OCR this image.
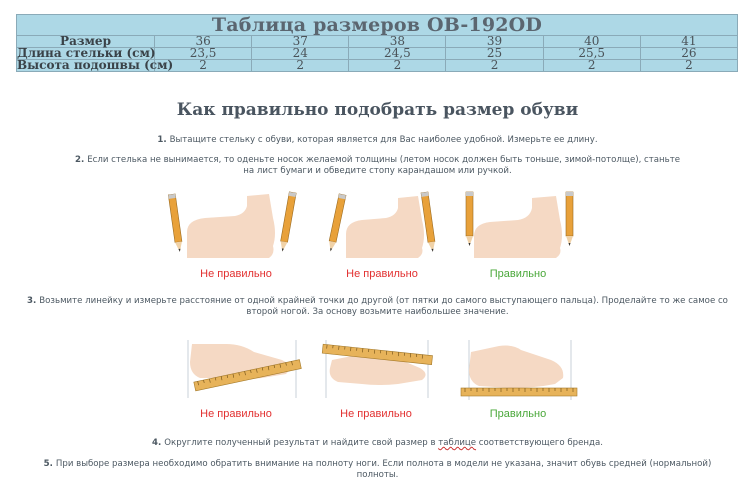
Таблица размеров OB-192OD						
Размер	36	37	38	39	40	41
Длина стельки (см)	23,5	24	24,5	25	25,5	26
Высота подошвы (см)	2	2	2	2	2	2
Как правильно подобрать размер обуви
1. Вытащите стельку с обуви, которая является для Вас наиболее удобной. Измерьте ее длину.
2. Если стелька не вынимается, то оденьте носок желаемой толщины (летом носок должен быть тоньше, зимой-потолще), станьте на лист бумаги и обведите стопу карандашом или ручкой.
Не правильно	Не правильно	Правильно
3. Возьмите линейку и измерьте расстояние от одной крайней точки до другой (от пятки до самого выступающего пальца). Проделайте то же самое со второй ногой. За основу возьмите наибольшее значение.
Не правильно	Не правильно	Правильно
4. Округлите полученный результат и найдите свой размер в таблице соответствующего бренда.
5. При выборе размера необходимо обратить внимание на полноту ноги. Если полнота в модели не указана, значит обувь средней (нормальной) полноты.
